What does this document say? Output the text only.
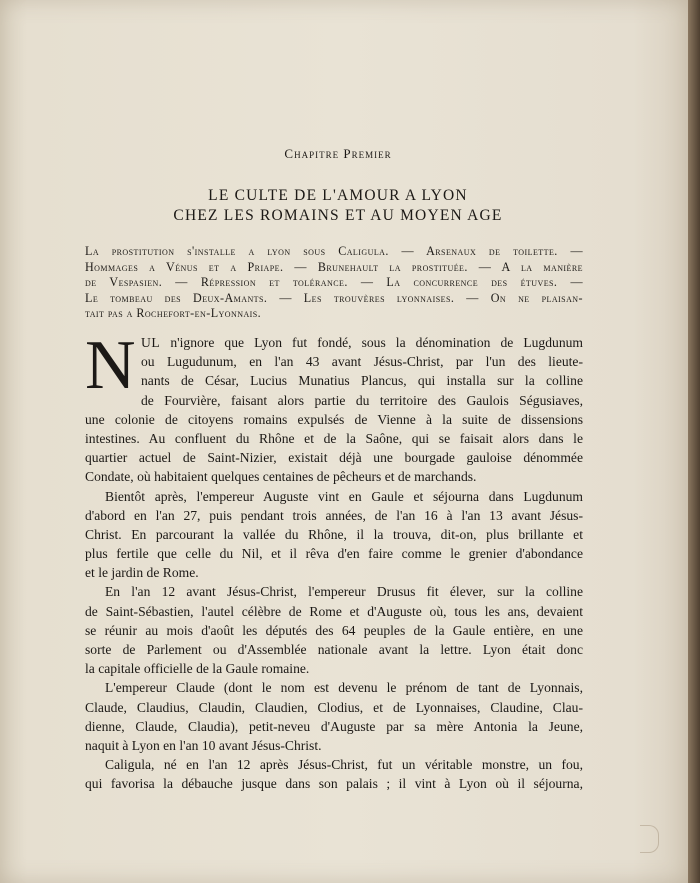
Chapitre Premier
LE CULTE DE L'AMOUR A LYON
CHEZ LES ROMAINS ET AU MOYEN AGE
La prostitution s'installe a lyon sous Caligula. — Arsenaux de toilette. —
Hommages a Vénus et a Priape. — Brunehault la prostituée. — A la manière
de Vespasien. — Répression et tolérance. — La concurrence des étuves. —
Le tombeau des Deux-Amants. — Les trouvères lyonnaises. — On ne plaisan-
tait pas a Rochefort-en-Lyonnais.
N UL n'ignore que Lyon fut fondé, sous la dénomination de Lugdunum
ou Lugudunum, en l'an 43 avant Jésus-Christ, par l'un des lieute-
nants de César, Lucius Munatius Plancus, qui installa sur la colline
de Fourvière, faisant alors partie du territoire des Gaulois Ségusiaves,
une colonie de citoyens romains expulsés de Vienne à la suite de dissensions
intestines. Au confluent du Rhône et de la Saône, qui se faisait alors dans le
quartier actuel de Saint-Nizier, existait déjà une bourgade gauloise dénommée
Condate, où habitaient quelques centaines de pêcheurs et de marchands.
Bientôt après, l'empereur Auguste vint en Gaule et séjourna dans Lugdunum
d'abord en l'an 27, puis pendant trois années, de l'an 16 à l'an 13 avant Jésus-
Christ. En parcourant la vallée du Rhône, il la trouva, dit-on, plus brillante et
plus fertile que celle du Nil, et il rêva d'en faire comme le grenier d'abondance
et le jardin de Rome.
En l'an 12 avant Jésus-Christ, l'empereur Drusus fit élever, sur la colline
de Saint-Sébastien, l'autel célèbre de Rome et d'Auguste où, tous les ans, devaient
se réunir au mois d'août les députés des 64 peuples de la Gaule entière, en une
sorte de Parlement ou d'Assemblée nationale avant la lettre. Lyon était donc
la capitale officielle de la Gaule romaine.
L'empereur Claude (dont le nom est devenu le prénom de tant de Lyonnais,
Claude, Claudius, Claudin, Claudien, Clodius, et de Lyonnaises, Claudine, Clau-
dienne, Claude, Claudia), petit-neveu d'Auguste par sa mère Antonia la Jeune,
naquit à Lyon en l'an 10 avant Jésus-Christ.
Caligula, né en l'an 12 après Jésus-Christ, fut un véritable monstre, un fou,
qui favorisa la débauche jusque dans son palais ; il vint à Lyon où il séjourna,
